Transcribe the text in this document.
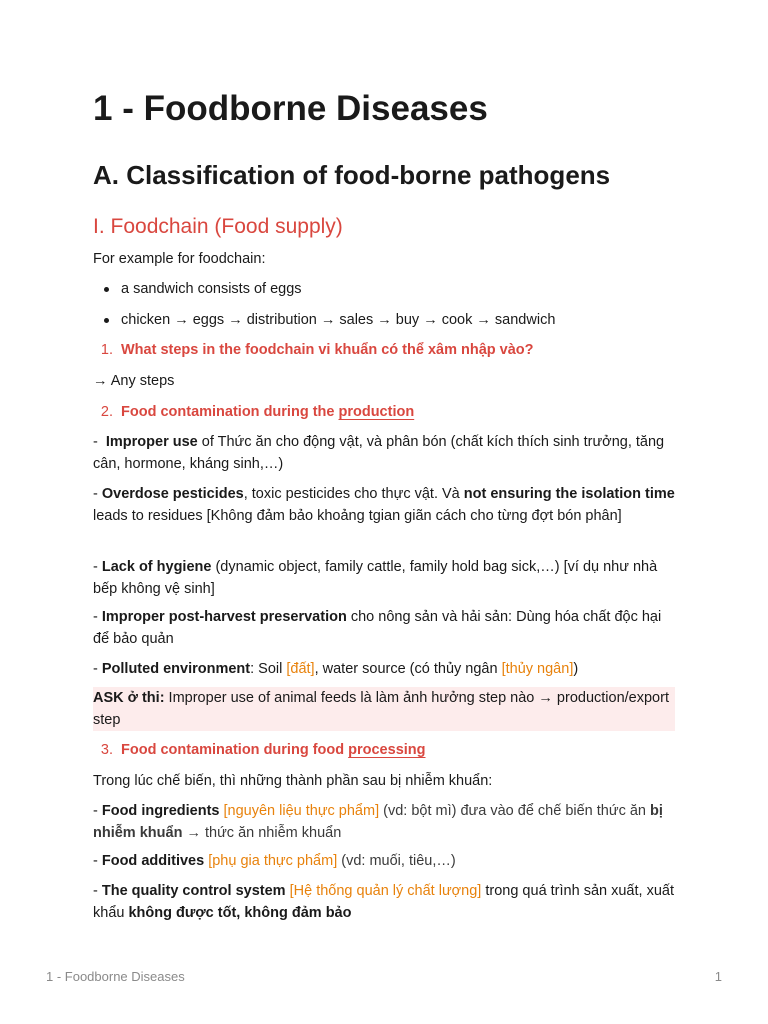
1 - Foodborne Diseases
A. Classification of food-borne pathogens
I. Foodchain (Food supply)
For example for foodchain:
a sandwich consists of eggs
chicken → eggs → distribution → sales → buy → cook → sandwich
1. What steps in the foodchain vi khuẩn có thể xâm nhập vào?
→ Any steps
2. Food contamination during the production
-  Improper use of Thức ăn cho động vật, và phân bón (chất kích thích sinh trưởng, tăng cân, hormone, kháng sinh,…)
- Overdose pesticides, toxic pesticides cho thực vật. Và not ensuring the isolation time leads to residues [Không đảm bảo khoảng tgian giãn cách cho từng đợt bón phân]
- Lack of hygiene (dynamic object, family cattle, family hold bag sick,…) [ví dụ như nhà bếp không vệ sinh]
- Improper post-harvest preservation cho nông sản và hải sản: Dùng hóa chất độc hại để bảo quản
- Polluted environment: Soil [đất], water source (có thủy ngân [thủy ngân])
ASK ở thi: Improper use of animal feeds là làm ảnh hưởng step nào → production/export step
3. Food contamination during food processing
Trong lúc chế biến, thì những thành phần sau bị nhiễm khuẩn:
- Food ingredients [nguyên liệu thực phẩm] (vd: bột mì) đưa vào để chế biến thức ăn bị nhiễm khuẩn → thức ăn nhiễm khuẩn
- Food additives [phụ gia thực phẩm] (vd: muối, tiêu,…)
- The quality control system [Hệ thống quản lý chất lượng] trong quá trình sản xuất, xuất khẩu không được tốt, không đảm bảo
1 - Foodborne Diseases	1
